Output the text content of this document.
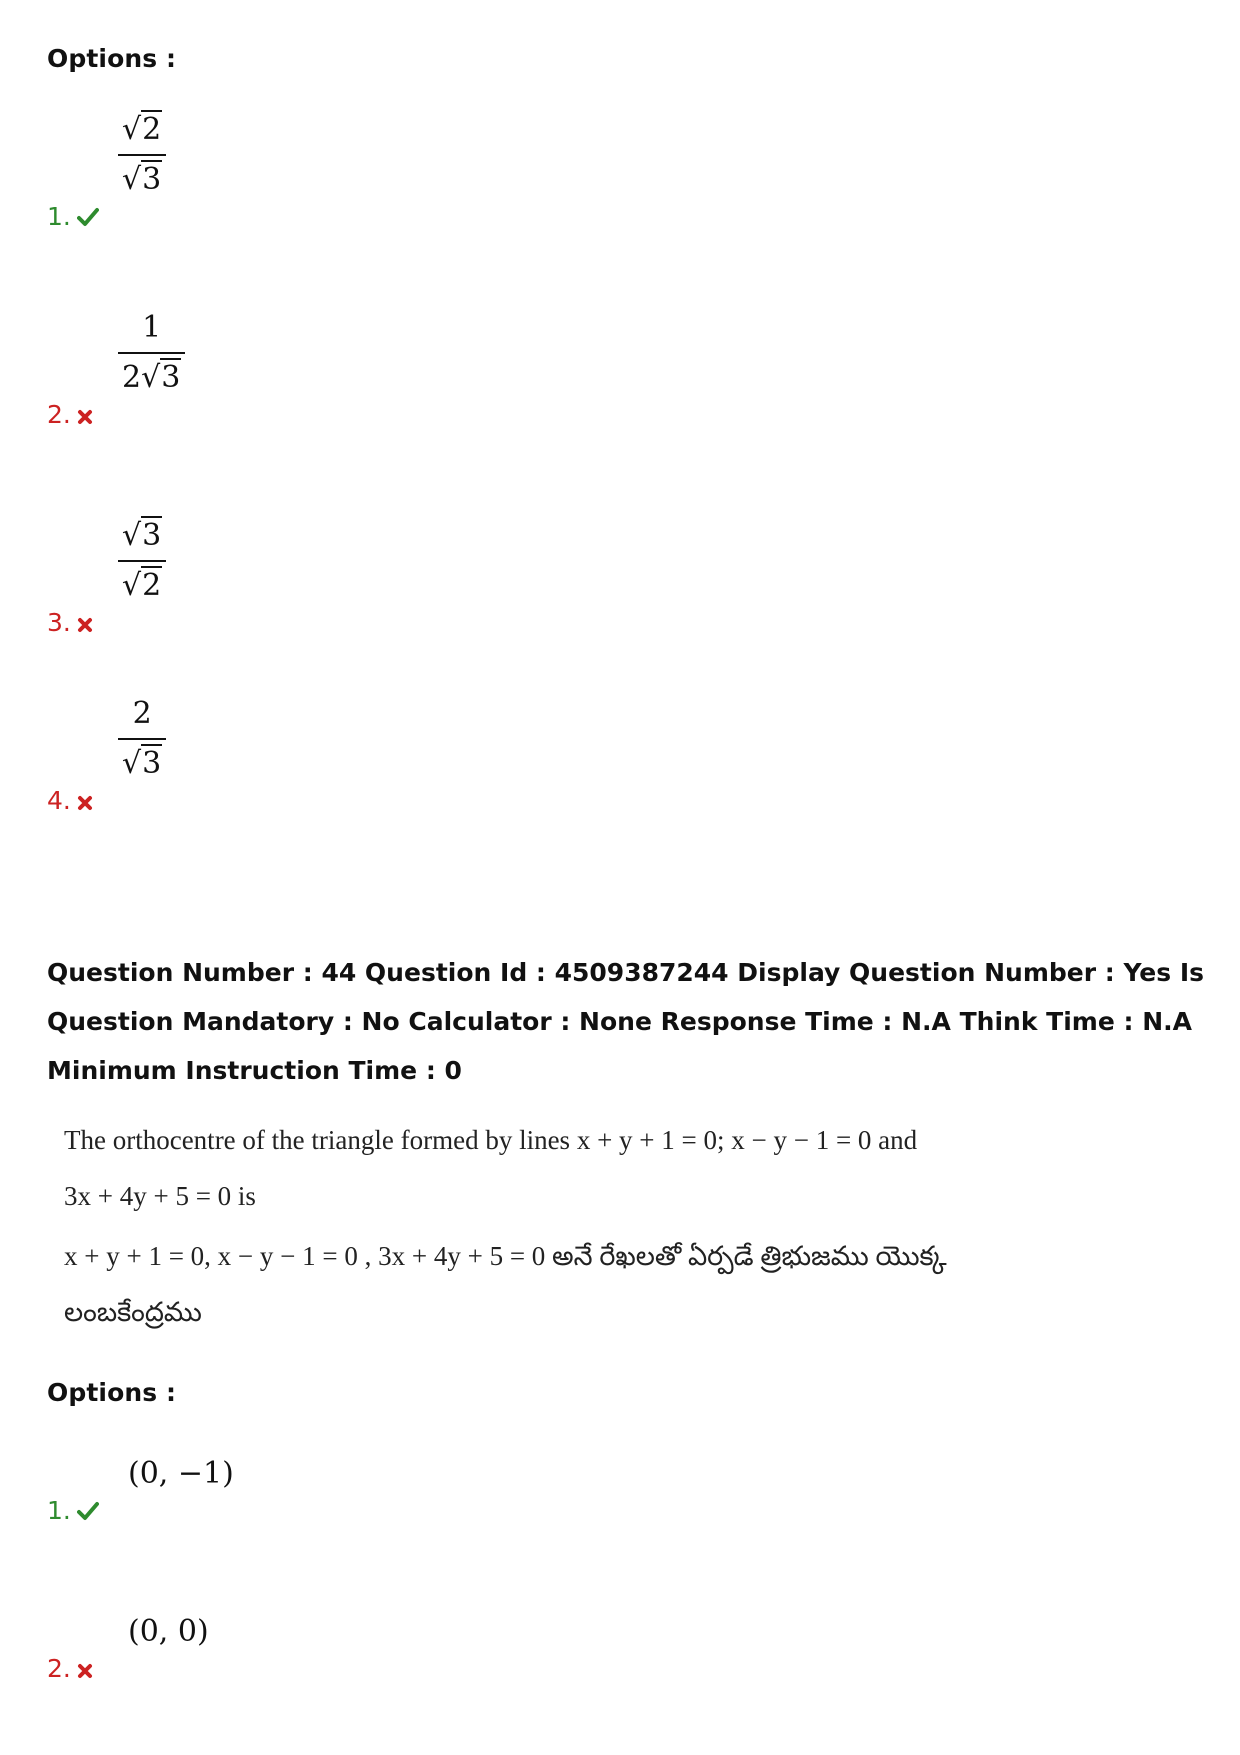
Options :
√2
√3
1.
1
2√3
2.
√3
√2
3.
2
√3
4.
Question Number : 44 Question Id : 4509387244 Display Question Number : Yes Is Question Mandatory : No Calculator : None Response Time : N.A Think Time : N.A Minimum Instruction Time : 0
The orthocentre of the triangle formed by lines x + y + 1 = 0; x − y − 1 = 0 and
3x + 4y + 5 = 0 is
x + y + 1 = 0, x − y − 1 = 0 , 3x + 4y + 5 = 0 అనే రేఖలతో ఏర్పడే త్రిభుజము యొక్క
లంబకేంద్రము
Options :
(0, −1)
1.
(0, 0)
2.
